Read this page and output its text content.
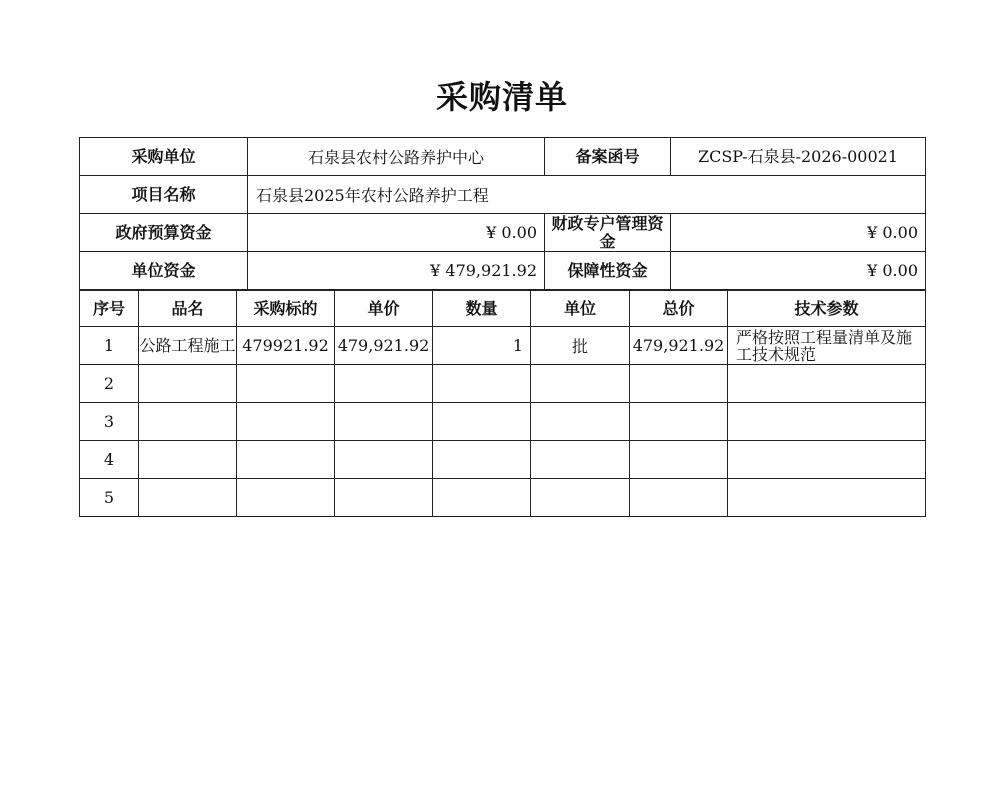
采购清单
采购单位	石泉县农村公路养护中心	备案函号	ZCSP-石泉县-2026-00021
项目名称	石泉县2025年农村公路养护工程		
政府预算资金	¥ 0.00	财政专户管理资金	¥ 0.00
单位资金	¥ 479,921.92	保障性资金	¥ 0.00
序号	品名	采购标的	单价	数量	单位	总价	技术参数
1	公路工程施工	479921.92	479,921.92	1	批	479,921.92	严格按照工程量清单及施工技术规范
2							
3							
4							
5							
